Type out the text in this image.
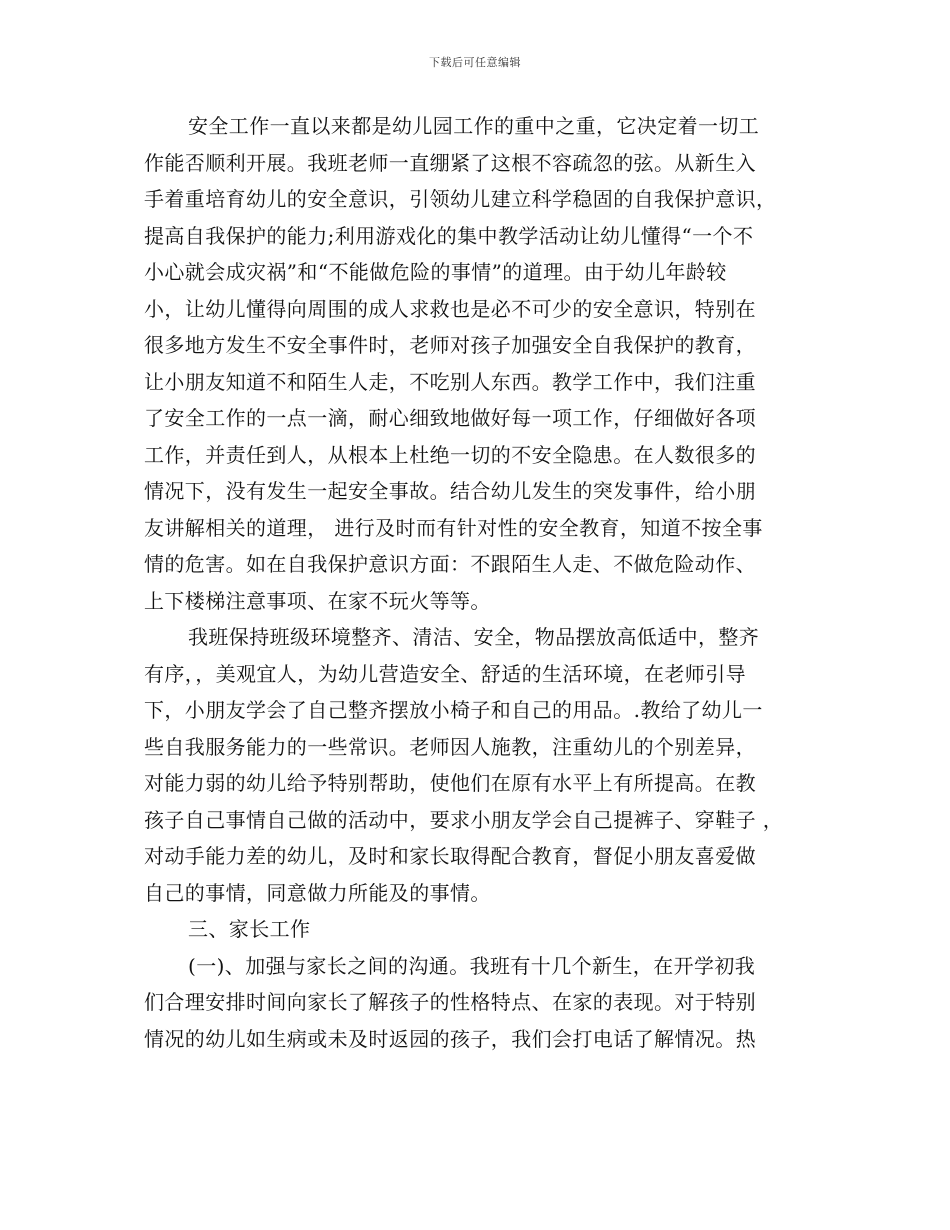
下载后可任意编辑
安全工作一直以来都是幼儿园工作的重中之重，它决定着一切工
作能否顺利开展。我班老师一直绷紧了这根不容疏忽的弦。从新生入
手着重培育幼儿的安全意识，引领幼儿建立科学稳固的自我保护意识，
提高自我保护的能力;利用游戏化的集中教学活动让幼儿懂得“一个不
小心就会成灾祸”和“不能做危险的事情”的道理。由于幼儿年龄较
小，让幼儿懂得向周围的成人求救也是必不可少的安全意识，特别在
很多地方发生不安全事件时，老师对孩子加强安全自我保护的教育，
让小朋友知道不和陌生人走，不吃别人东西。教学工作中，我们注重
了安全工作的一点一滴，耐心细致地做好每一项工作，仔细做好各项
工作，并责任到人，从根本上杜绝一切的不安全隐患。在人数很多的
情况下，没有发生一起安全事故。结合幼儿发生的突发事件，给小朋
友讲解相关的道理， 进行及时而有针对性的安全教育，知道不按全事
情的危害。如在自我保护意识方面：不跟陌生人走、不做危险动作、
上下楼梯注意事项、在家不玩火等等。
我班保持班级环境整齐、清洁、安全，物品摆放高低适中，整齐
有序，，美观宜人，为幼儿营造安全、舒适的生活环境，在老师引导
下，小朋友学会了自己整齐摆放小椅子和自己的用品。.教给了幼儿一
些自我服务能力的一些常识。老师因人施教，注重幼儿的个别差异，
对能力弱的幼儿给予特别帮助，使他们在原有水平上有所提高。在教
孩子自己事情自己做的活动中，要求小朋友学会自己提裤子、穿鞋子 ，
对动手能力差的幼儿，及时和家长取得配合教育，督促小朋友喜爱做
自己的事情，同意做力所能及的事情。
三、家长工作
(一)、加强与家长之间的沟通。我班有十几个新生，在开学初我
们合理安排时间向家长了解孩子的性格特点、在家的表现。对于特别
情况的幼儿如生病或未及时返园的孩子，我们会打电话了解情况。热
